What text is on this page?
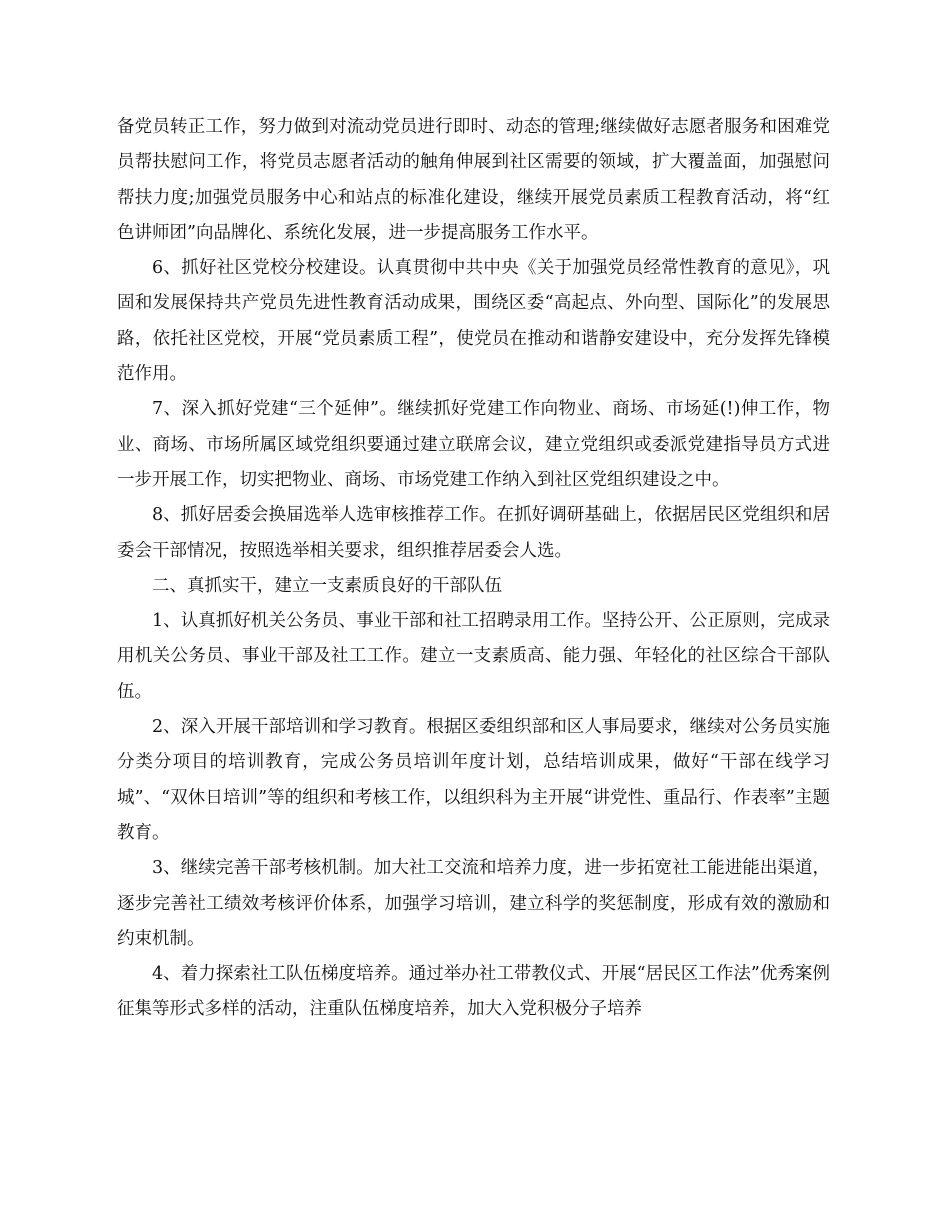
备党员转正工作，努力做到对流动党员进行即时、动态的管理;继续做好志愿者服务和困难党员帮扶慰问工作，将党员志愿者活动的触角伸展到社区需要的领域，扩大覆盖面，加强慰问帮扶力度;加强党员服务中心和站点的标准化建设，继续开展党员素质工程教育活动，将“红色讲师团”向品牌化、系统化发展，进一步提高服务工作水平。

6、抓好社区党校分校建设。认真贯彻中共中央《关于加强党员经常性教育的意见》，巩固和发展保持共产党员先进性教育活动成果，围绕区委“高起点、外向型、国际化”的发展思路，依托社区党校，开展“党员素质工程”，使党员在推动和谐静安建设中，充分发挥先锋模范作用。

7、深入抓好党建“三个延伸”。继续抓好党建工作向物业、商场、市场延(!)伸工作，物业、商场、市场所属区域党组织要通过建立联席会议，建立党组织或委派党建指导员方式进一步开展工作，切实把物业、商场、市场党建工作纳入到社区党组织建设之中。

8、抓好居委会换届选举人选审核推荐工作。在抓好调研基础上，依据居民区党组织和居委会干部情况，按照选举相关要求，组织推荐居委会人选。

二、真抓实干，建立一支素质良好的干部队伍

1、认真抓好机关公务员、事业干部和社工招聘录用工作。坚持公开、公正原则，完成录用机关公务员、事业干部及社工工作。建立一支素质高、能力强、年轻化的社区综合干部队伍。

2、深入开展干部培训和学习教育。根据区委组织部和区人事局要求，继续对公务员实施分类分项目的培训教育，完成公务员培训年度计划，总结培训成果，做好“干部在线学习城”、“双休日培训”等的组织和考核工作，以组织科为主开展“讲党性、重品行、作表率”主题教育。

3、继续完善干部考核机制。加大社工交流和培养力度，进一步拓宽社工能进能出渠道，逐步完善社工绩效考核评价体系，加强学习培训，建立科学的奖惩制度，形成有效的激励和约束机制。

4、着力探索社工队伍梯度培养。通过举办社工带教仪式、开展“居民区工作法”优秀案例征集等形式多样的活动，注重队伍梯度培养，加大入党积极分子培养
